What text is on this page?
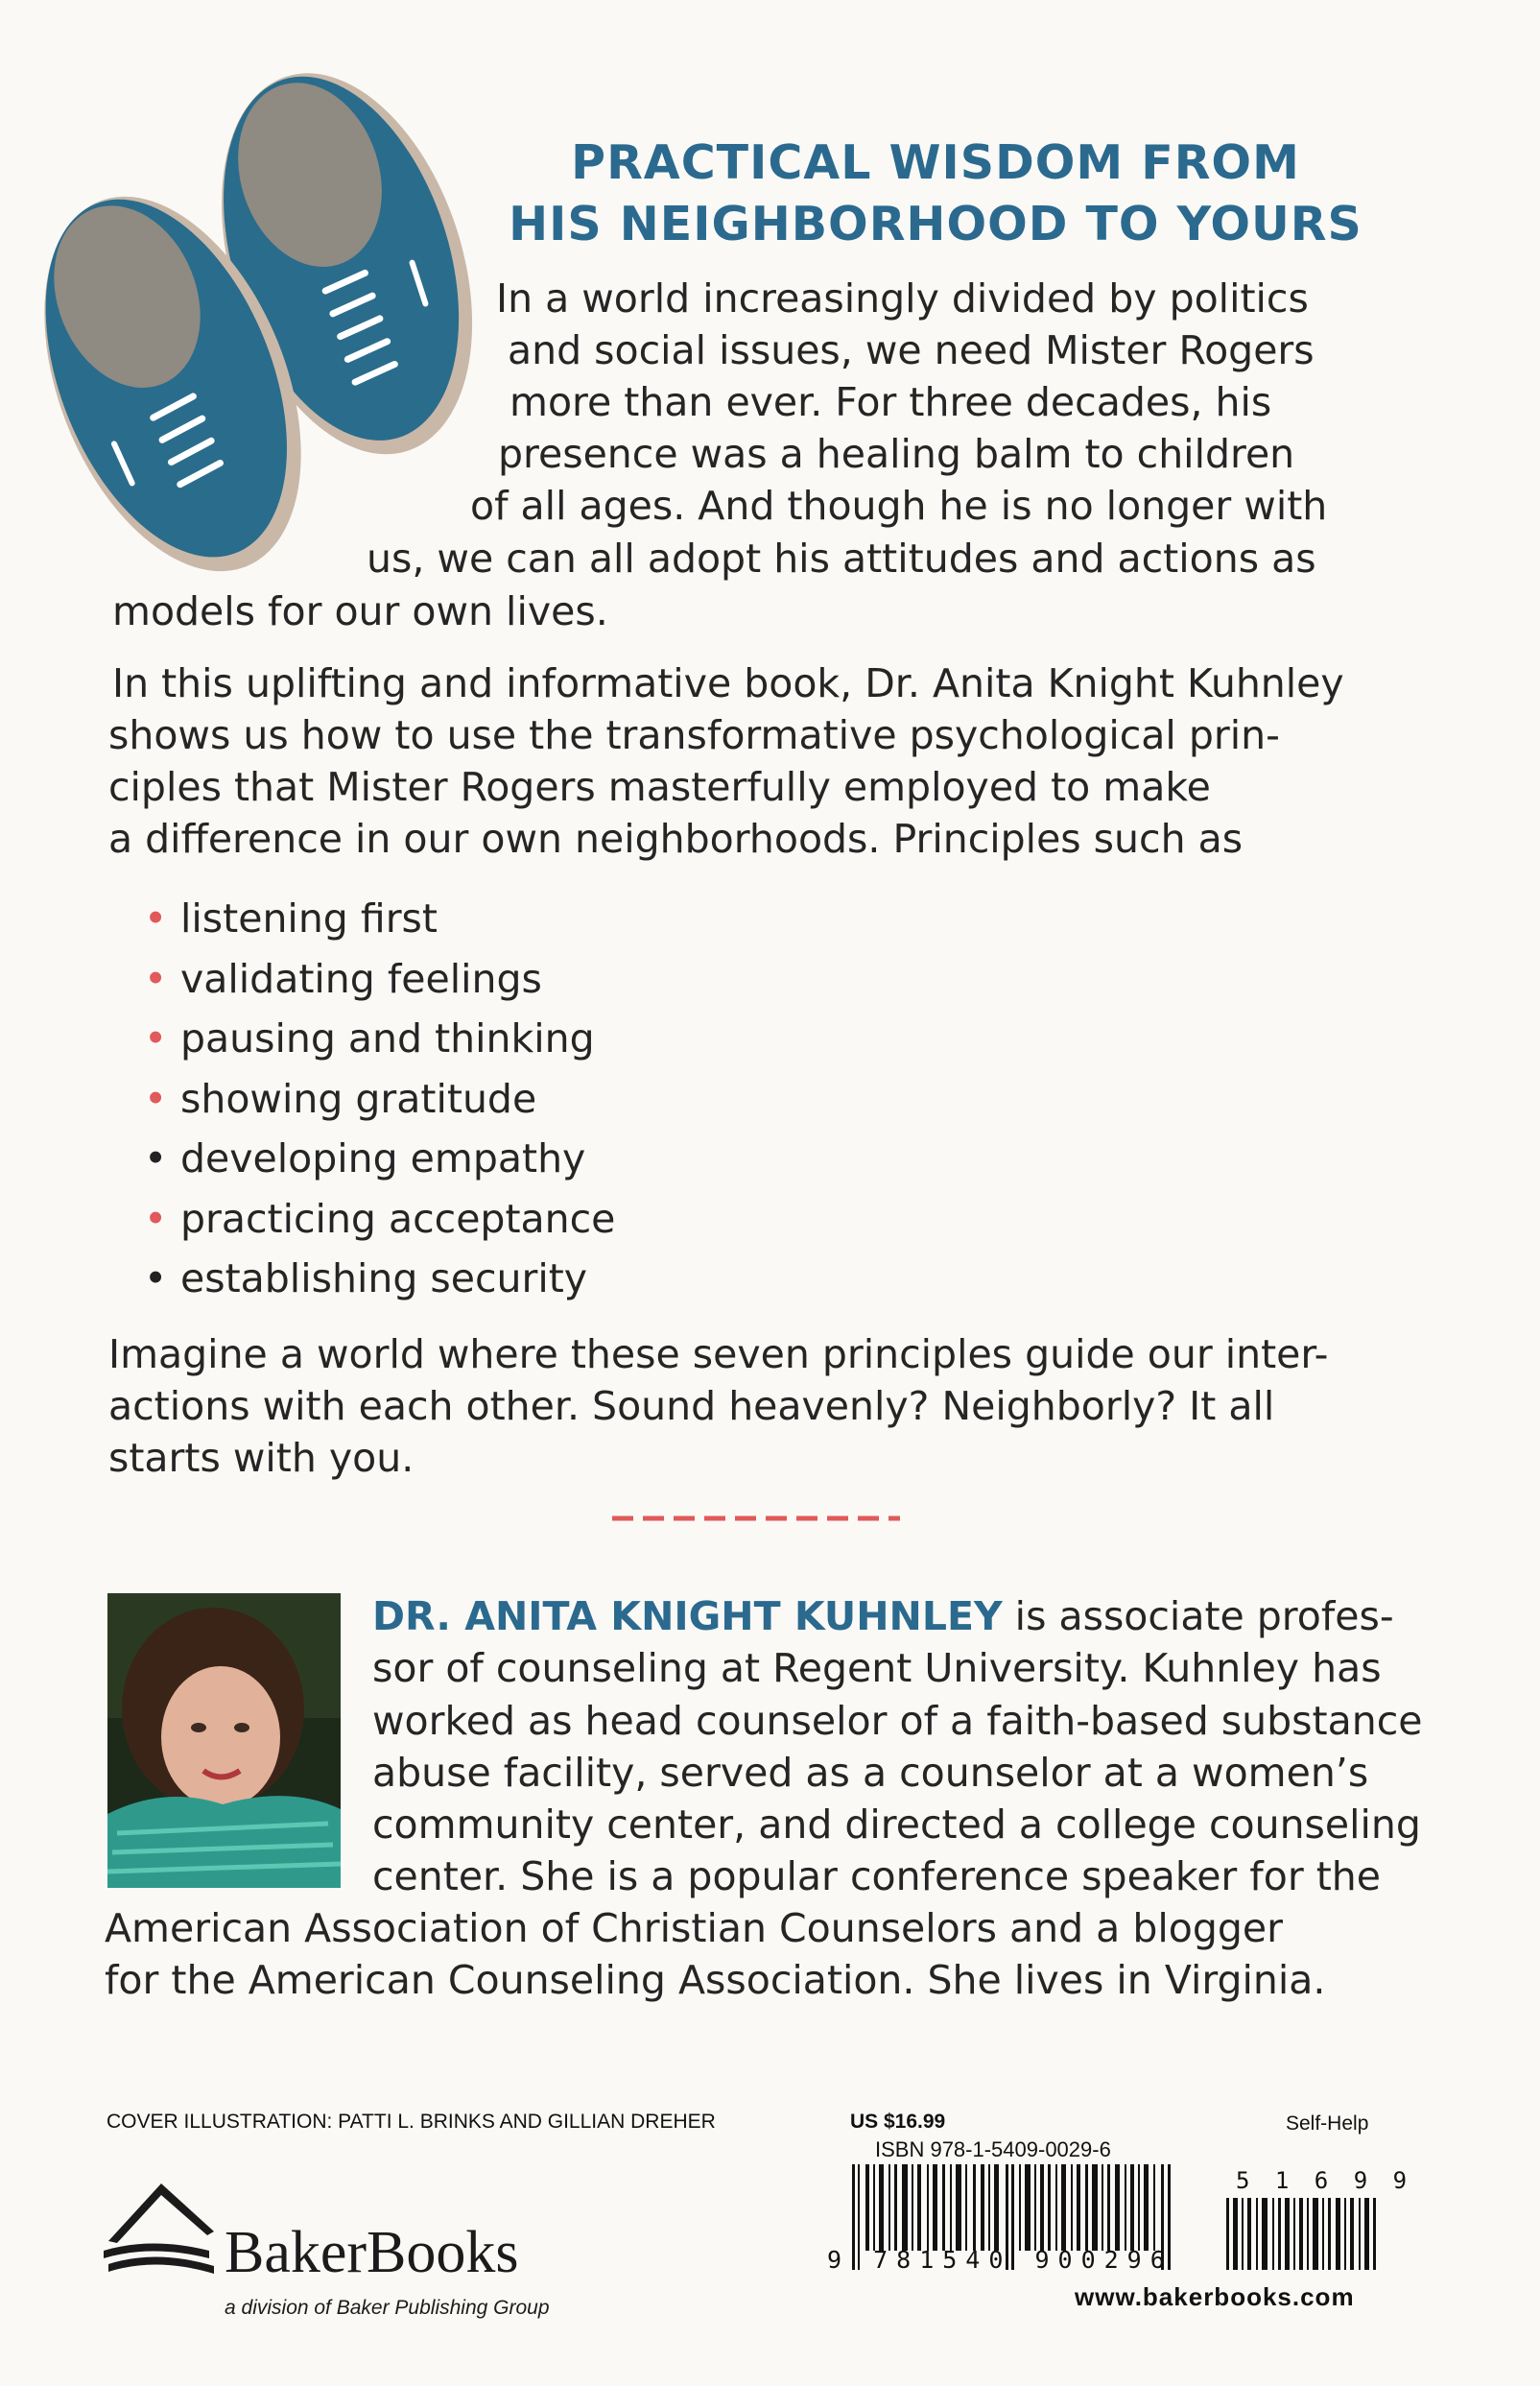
PRACTICAL WISDOM FROM
HIS NEIGHBORHOOD TO YOURS
In a world increasingly divided by politics
and social issues, we need Mister Rogers
more than ever. For three decades, his
presence was a healing balm to children
of all ages. And though he is no longer with
us, we can all adopt his attitudes and actions as
models for our own lives.
In this uplifting and informative book, Dr. Anita Knight Kuhnley
shows us how to use the transformative psychological prin-
ciples that Mister Rogers masterfully employed to make
a difference in our own neighborhoods. Principles such as
• listening first
• validating feelings
• pausing and thinking
• showing gratitude
• developing empathy
• practicing acceptance
• establishing security
Imagine a world where these seven principles guide our inter-
actions with each other. Sound heavenly? Neighborly? It all
starts with you.
DR. ANITA KNIGHT KUHNLEY is associate profes-
sor of counseling at Regent University. Kuhnley has
worked as head counselor of a faith-based substance
abuse facility, served as a counselor at a women’s
community center, and directed a college counseling
center. She is a popular conference speaker for the
American Association of Christian Counselors and a blogger
for the American Counseling Association. She lives in Virginia.
COVER ILLUSTRATION: PATTI L. BRINKS AND GILLIAN DREHER	US $16.99	Self-Help
ISBN 978-1-5409-0029-6
9 781540 900296
5 1 6 9 9
www.bakerbooks.com
BakerBooks
a division of Baker Publishing Group
